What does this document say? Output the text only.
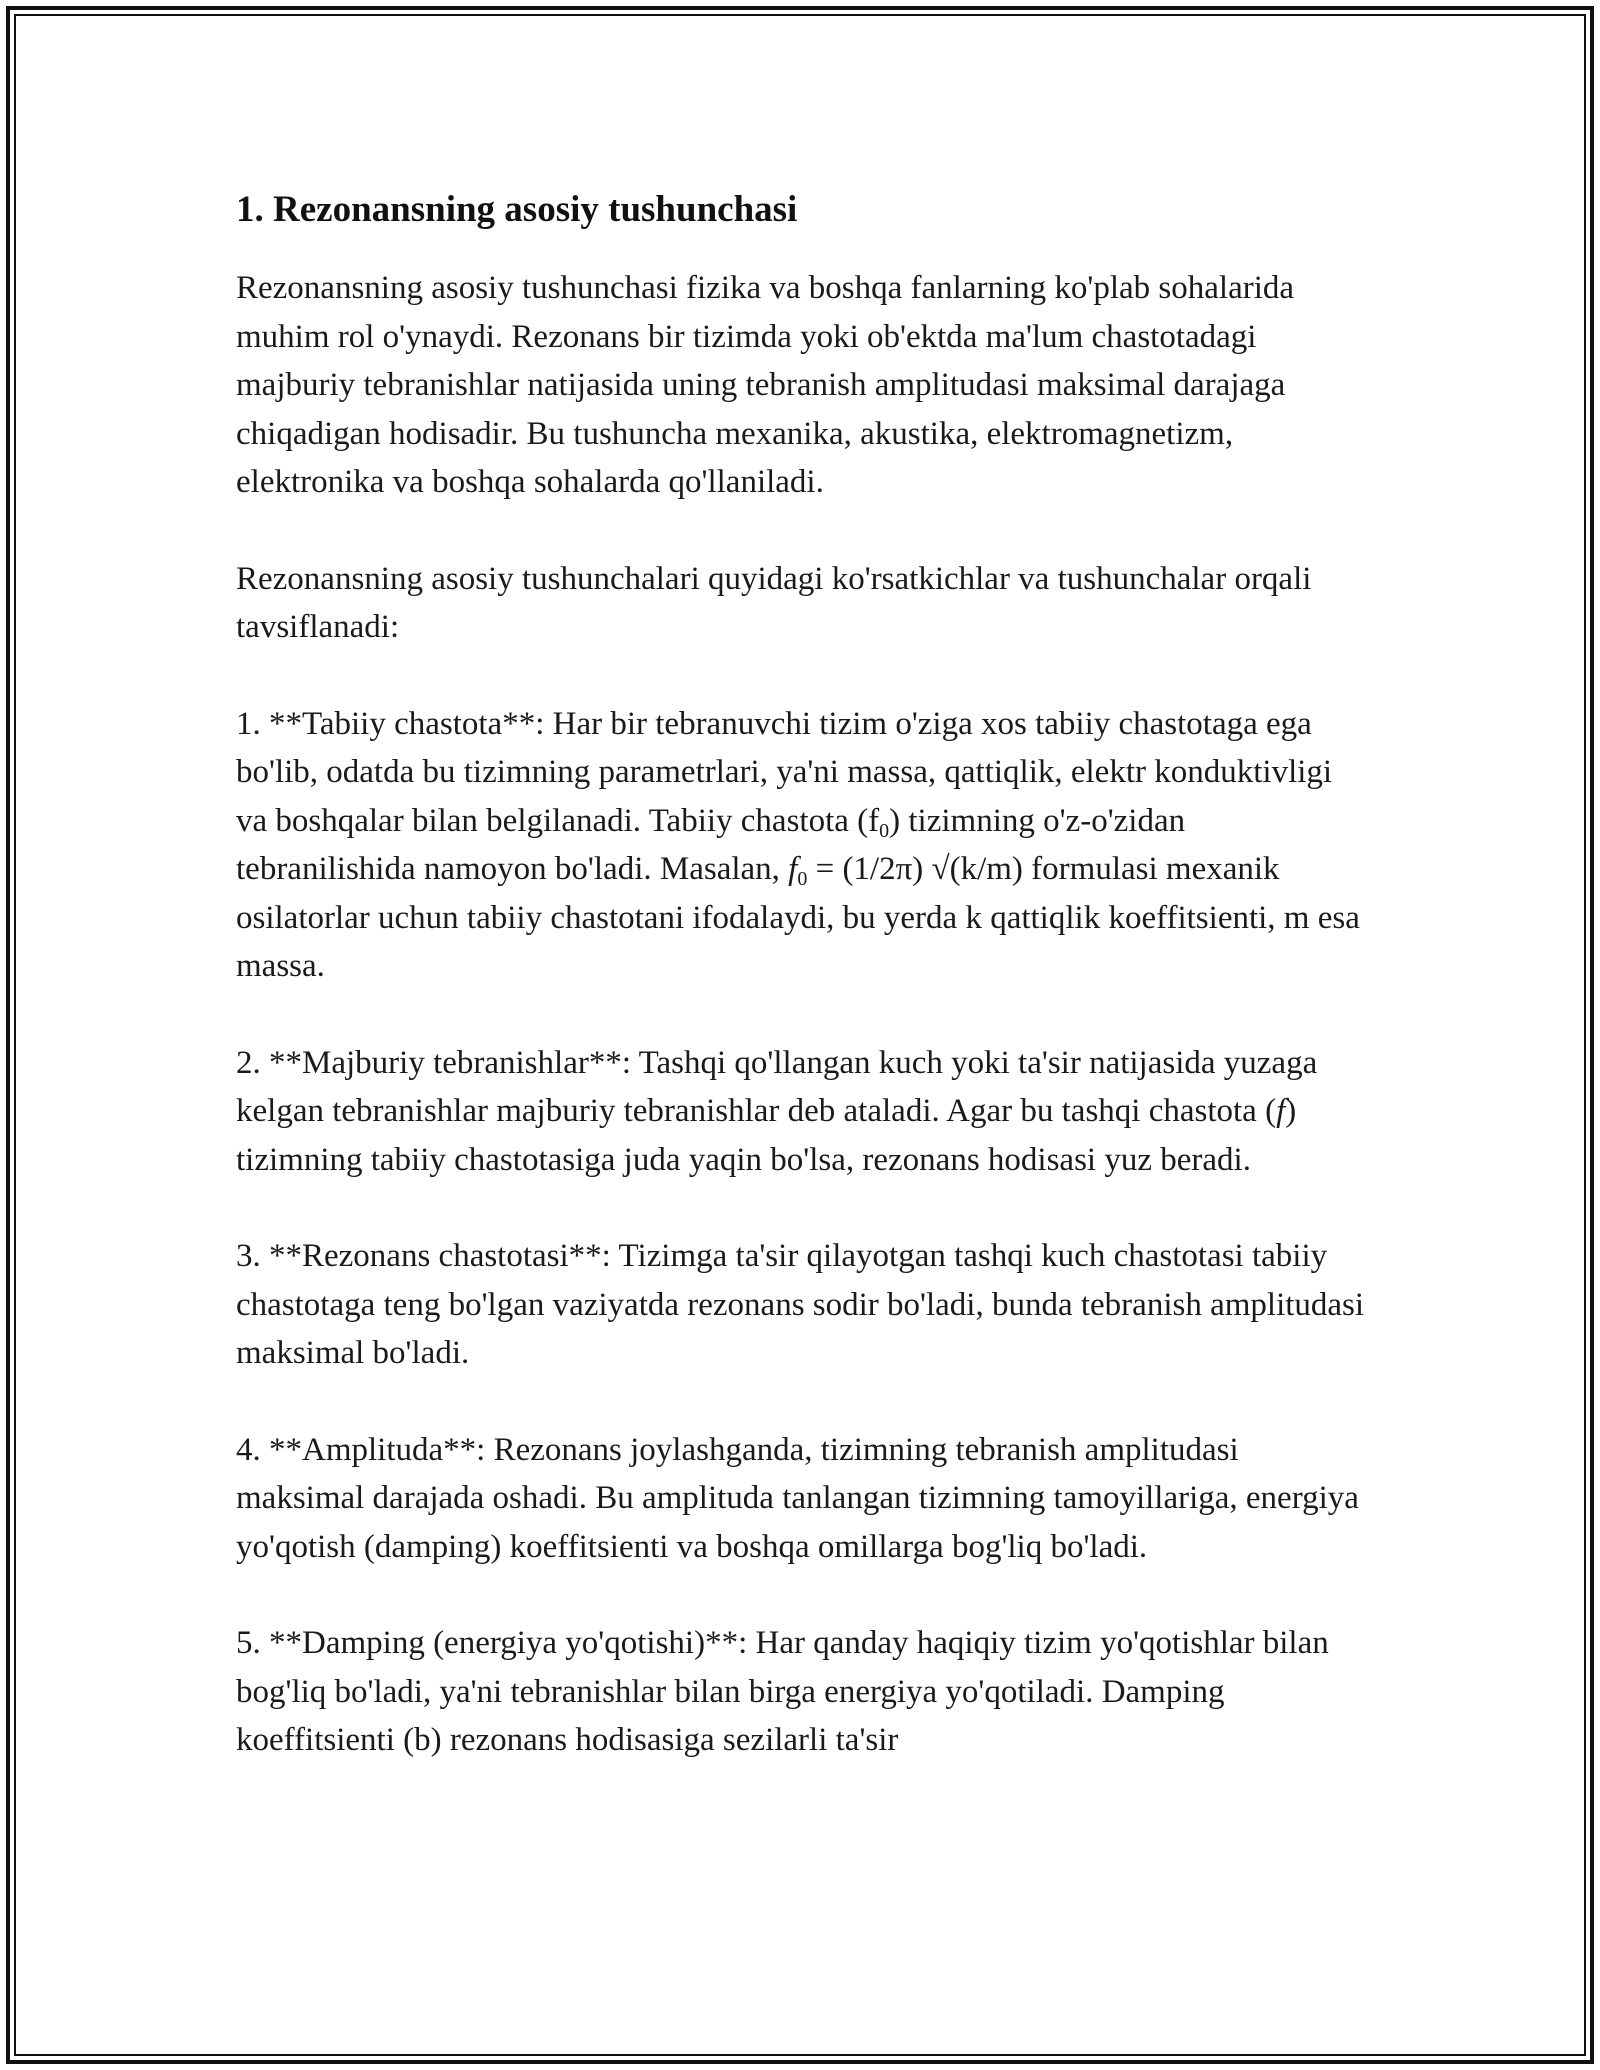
1. Rezonansning asosiy tushunchasi

Rezonansning asosiy tushunchasi fizika va boshqa fanlarning ko'plab sohalarida muhim rol o'ynaydi. Rezonans bir tizimda yoki ob'ektda ma'lum chastotadagi majburiy tebranishlar natijasida uning tebranish amplitudasi maksimal darajaga chiqadigan hodisadir. Bu tushuncha mexanika, akustika, elektromagnetizm, elektronika va boshqa sohalarda qo'llaniladi.

Rezonansning asosiy tushunchalari quyidagi ko'rsatkichlar va tushunchalar orqali tavsiflanadi:

1. **Tabiiy chastota**: Har bir tebranuvchi tizim o'ziga xos tabiiy chastotaga ega bo'lib, odatda bu tizimning parametrlari, ya'ni massa, qattiqlik, elektr konduktivligi va boshqalar bilan belgilanadi. Tabiiy chastota $(f_0)$ tizimning o'z-o'zidan tebranilishida namoyon bo'ladi. Masalan, $f_0 = (1/2\pi)$ √(k/m) formulasi mexanik osilatorlar uchun tabiiy chastotani ifodalaydi, bu yerda k qattiqlik koeffitsienti, m esa massa.

2. **Majburiy tebranishlar**: Tashqi qo'llangan kuch yoki ta'sir natijasida yuzaga kelgan tebranishlar majburiy tebranishlar deb ataladi. Agar bu tashqi chastota (f) tizimning tabiiy chastotasiga juda yaqin bo'lsa, rezonans hodisasi yuz beradi.

3. **Rezonans chastotasi**: Tizimga ta'sir qilayotgan tashqi kuch chastotasi tabiiy chastotaga teng bo'lgan vaziyatda rezonans sodir bo'ladi, bunda tebranish amplitudasi maksimal bo'ladi.

4. **Amplituda**: Rezonans joylashganda, tizimning tebranish amplitudasi maksimal darajada oshadi. Bu amplituda tanlangan tizimning tamoyillariga, energiya yo'qotish (damping) koeffitsienti va boshqa omillarga bog'liq bo'ladi.

5. **Damping (energiya yo'qotishi)**: Har qanday haqiqiy tizim yo'qotishlar bilan bog'liq bo'ladi, ya'ni tebranishlar bilan birga energiya yo'qotiladi. Damping koeffitsienti (b) rezonans hodisasiga sezilarli ta'sir
